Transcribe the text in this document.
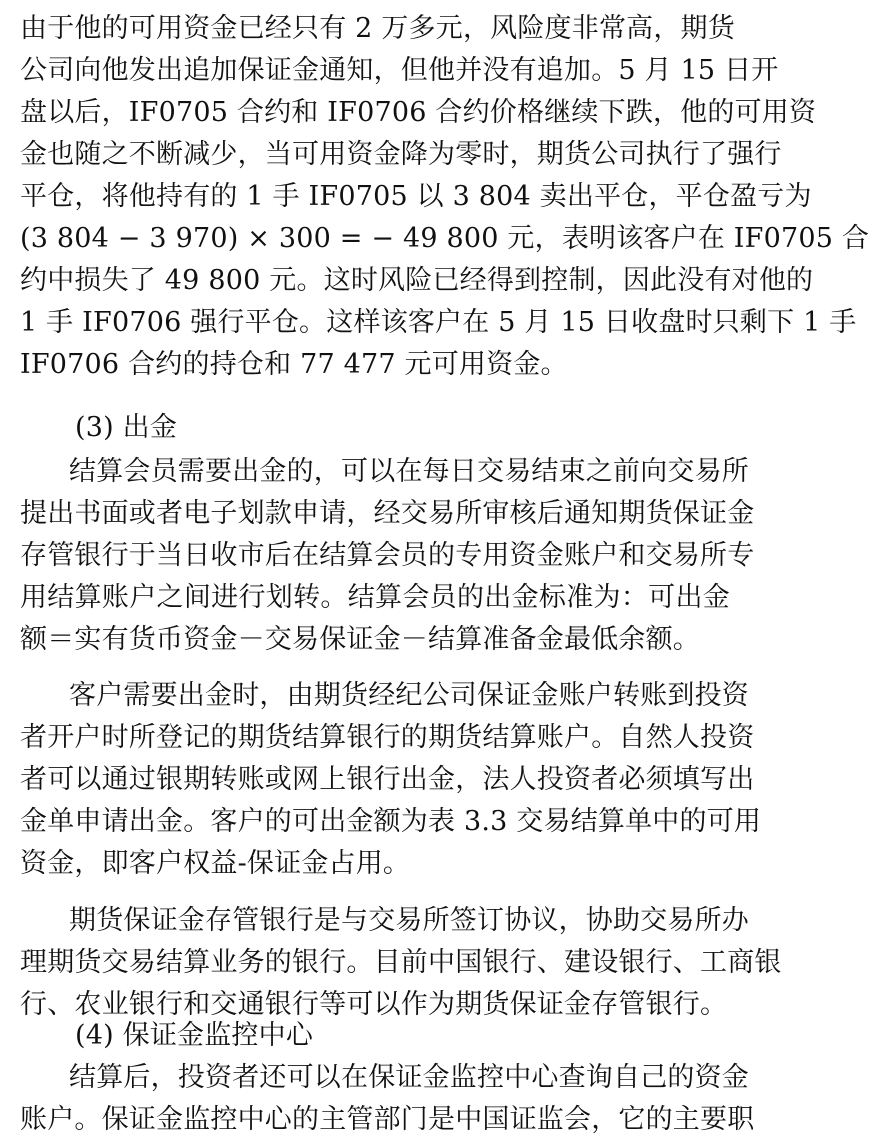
由于他的可用资金已经只有 2 万多元，风险度非常高，期货
公司向他发出追加保证金通知，但他并没有追加。5 月 15 日开
盘以后，IF0705 合约和 IF0706 合约价格继续下跌，他的可用资
金也随之不断减少，当可用资金降为零时，期货公司执行了强行
平仓，将他持有的 1 手 IF0705 以 3 804 卖出平仓，平仓盈亏为
(3 804 − 3 970) × 300 = − 49 800 元，表明该客户在 IF0705 合
约中损失了 49 800 元。这时风险已经得到控制，因此没有对他的
1 手 IF0706 强行平仓。这样该客户在 5 月 15 日收盘时只剩下 1 手
IF0706 合约的持仓和 77 477 元可用资金。
(3) 出金
结算会员需要出金的，可以在每日交易结束之前向交易所
提出书面或者电子划款申请，经交易所审核后通知期货保证金
存管银行于当日收市后在结算会员的专用资金账户和交易所专
用结算账户之间进行划转。结算会员的出金标准为：可出金
额＝实有货币资金－交易保证金－结算准备金最低余额。
客户需要出金时，由期货经纪公司保证金账户转账到投资
者开户时所登记的期货结算银行的期货结算账户。自然人投资
者可以通过银期转账或网上银行出金，法人投资者必须填写出
金单申请出金。客户的可出金额为表 3.3 交易结算单中的可用
资金，即客户权益-保证金占用。
期货保证金存管银行是与交易所签订协议，协助交易所办
理期货交易结算业务的银行。目前中国银行、建设银行、工商银
行、农业银行和交通银行等可以作为期货保证金存管银行。
(4) 保证金监控中心
结算后，投资者还可以在保证金监控中心查询自己的资金
账户。保证金监控中心的主管部门是中国证监会，它的主要职
